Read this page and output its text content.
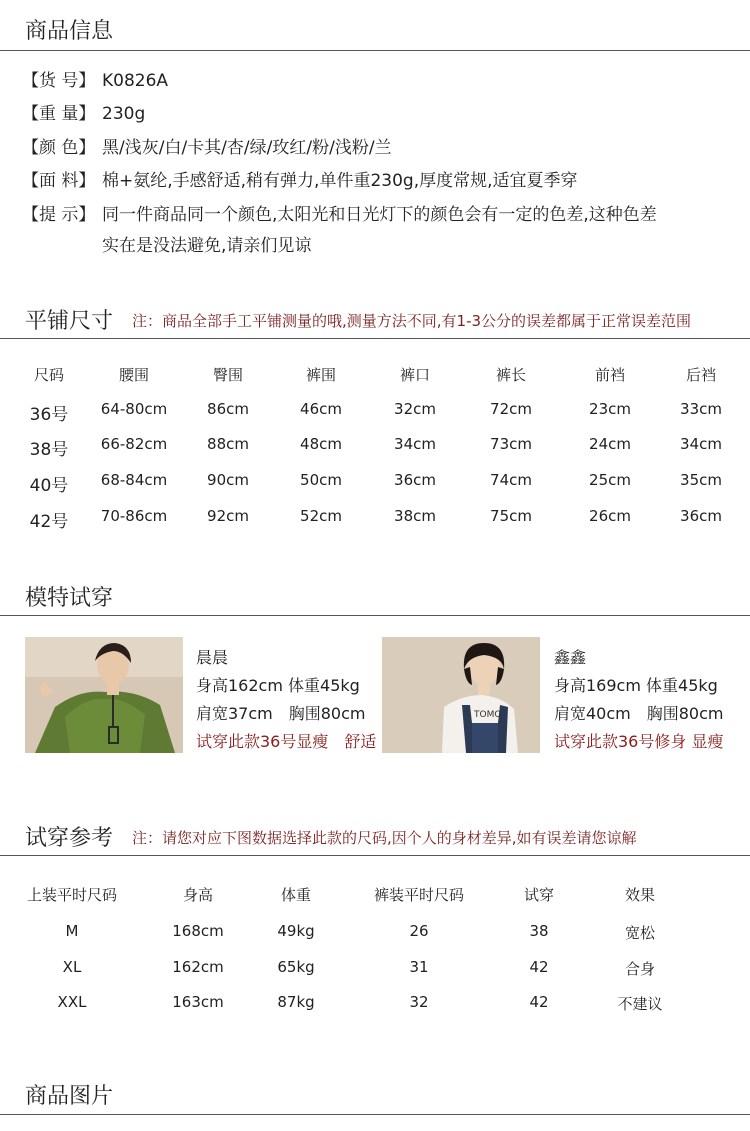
商品信息
【货 号】 K0826A
【重 量】 230g
【颜 色】 黑/浅灰/白/卡其/杏/绿/玫红/粉/浅粉/兰
【面 料】 棉+氨纶,手感舒适,稍有弹力,单件重230g,厚度常规,适宜夏季穿
【提 示】 同一件商品同一个颜色,太阳光和日光灯下的颜色会有一定的色差,这种色差
实在是没法避免,请亲们见谅
平铺尺寸 注：商品全部手工平铺测量的哦,测量方法不同,有1-3公分的误差都属于正常误差范围
尺码	腰围	臀围	裤围	裤口	裤长	前裆	后裆
36号 64-80cm	86cm	46cm	32cm	72cm	23cm	33cm
38号 66-82cm	88cm	48cm	34cm	73cm	24cm	34cm
40号 68-84cm	90cm	50cm	36cm	74cm	25cm	35cm
42号 70-86cm	92cm	52cm	38cm	75cm	26cm	36cm
模特试穿
晨晨
身高162cm 体重45kg
肩宽37cm　胸围80cm
试穿此款36号显瘦　舒适
TOMO
鑫鑫
身高169cm 体重45kg
肩宽40cm　胸围80cm
试穿此款36号修身 显瘦
试穿参考 注：请您对应下图数据选择此款的尺码,因个人的身材差异,如有误差请您谅解
上装平时尺码	身高	体重	裤装平时尺码	试穿	效果
M	168cm	49kg	26	38	宽松
XL	162cm	65kg	31	42	合身
XXL	163cm	87kg	32	42	不建议
商品图片
